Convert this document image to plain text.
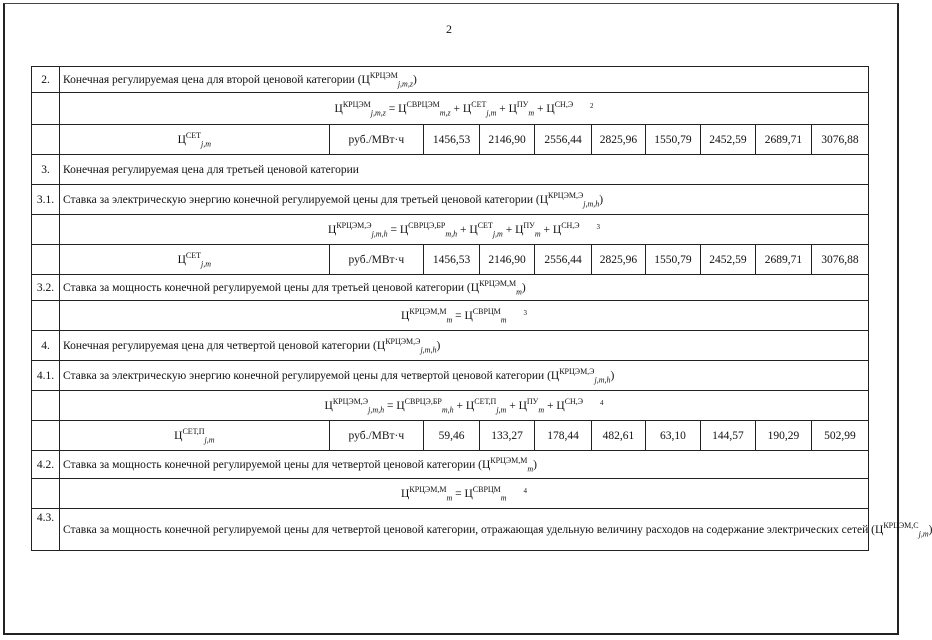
2
2.	Конечная регулируемая цена для второй ценовой категории $(Ц^{КРЦЭМ}_{j,m,z})$									
	$Ц^{КРЦЭМ}_{j,m,z} = Ц^{СВРЦЭМ}_{m,z} + Ц^{СЕТ}_{j,m} + Ц^{ПУ}_m + Ц^{СН,Э}$ $^2$
	$Ц^{СЕТ}_{j,m}$	руб./МВт·ч	1456,53	2146,90	2556,44	2825,96	1550,79	2452,59	2689,71	3076,88
3.	Конечная регулируемая цена для третьей ценовой категории									
3.1.	Ставка за электрическую энергию конечной регулируемой цены для третьей ценовой категории $(Ц^{КРЦЭМ,Э}_{j,m,h})$									
	$Ц^{КРЦЭМ,Э}_{j,m,h} = Ц^{СВРЦЭ,БР}_{m,h} + Ц^{СЕТ}_{j,m} + Ц^{ПУ}_m + Ц^{СН,Э}$ $^3$
	$Ц^{СЕТ}_{j,m}$	руб./МВт·ч	1456,53	2146,90	2556,44	2825,96	1550,79	2452,59	2689,71	3076,88
3.2.	Ставка за мощность конечной регулируемой цены для третьей ценовой категории $(Ц^{КРЦЭМ,М}_m)$									
	$Ц^{КРЦЭМ,М}_m = Ц^{СВРЦМ}_m$ $^3$
4.	Конечная регулируемая цена для четвертой ценовой категории $(Ц^{КРЦЭМ,Э}_{j,m,h})$									
4.1.	Ставка за электрическую энергию конечной регулируемой цены для четвертой ценовой категории $(Ц^{КРЦЭМ,Э}_{j,m,h})$									
	$Ц^{КРЦЭМ,Э}_{j,m,h} = Ц^{СВРЦЭ,БР}_{m,h} + Ц^{СЕТ,П}_{j,m} + Ц^{ПУ}_m + Ц^{СН,Э}$ $^4$
	$Ц^{СЕТ,П}_{j,m}$	руб./МВт·ч	59,46	133,27	178,44	482,61	63,10	144,57	190,29	502,99
4.2.	Ставка за мощность конечной регулируемой цены для четвертой ценовой категории $(Ц^{КРЦЭМ,М}_m)$									
	$Ц^{КРЦЭМ,М}_m = Ц^{СВРЦМ}_m$ $^4$
4.3.	Ставка за мощность конечной регулируемой цены для четвертой ценовой категории, отражающая удельную величину расходов на содержание электрических сетей ($Ц^{КРЦЭМ,С}_{j,m}$
